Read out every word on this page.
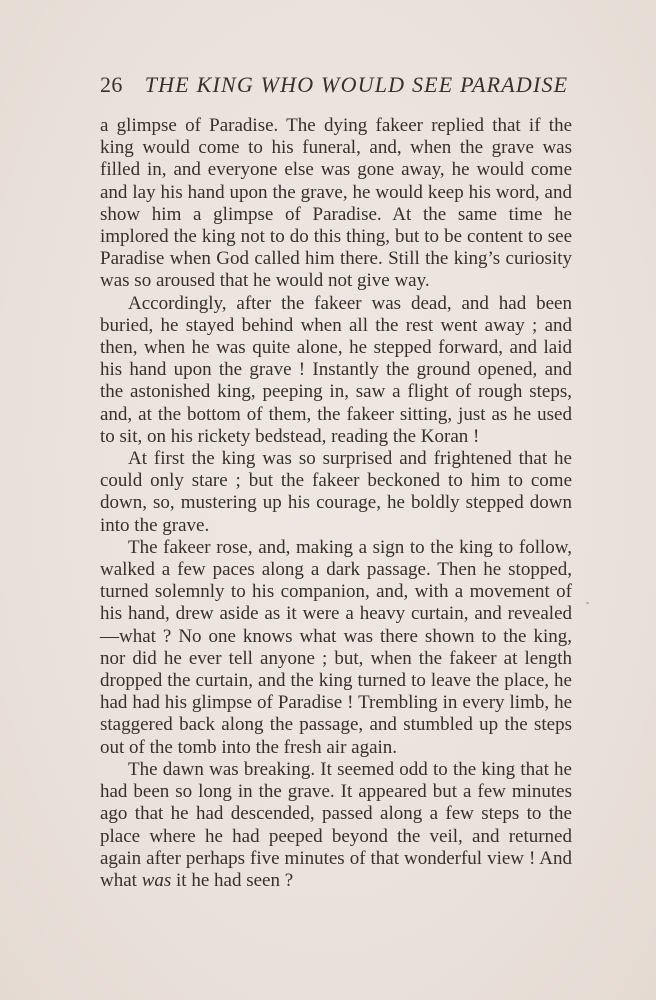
26 THE KING WHO WOULD SEE PARADISE

a glimpse of Paradise. The dying fakeer replied that if the king would come to his funeral, and, when the grave was filled in, and everyone else was gone away, he would come and lay his hand upon the grave, he would keep his word, and show him a glimpse of Paradise. At the same time he implored the king not to do this thing, but to be content to see Paradise when God called him there. Still the king’s curiosity was so aroused that he would not give way.

Accordingly, after the fakeer was dead, and had been buried, he stayed behind when all the rest went away ; and then, when he was quite alone, he stepped forward, and laid his hand upon the grave ! Instantly the ground opened, and the astonished king, peeping in, saw a flight of rough steps, and, at the bottom of them, the fakeer sitting, just as he used to sit, on his rickety bedstead, reading the Koran !

At first the king was so surprised and frightened that he could only stare ; but the fakeer beckoned to him to come down, so, mustering up his courage, he boldly stepped down into the grave.

The fakeer rose, and, making a sign to the king to follow, walked a few paces along a dark passage. Then he stopped, turned solemnly to his companion, and, with a movement of his hand, drew aside as it were a heavy curtain, and revealed—what ? No one knows what was there shown to the king, nor did he ever tell anyone ; but, when the fakeer at length dropped the curtain, and the king turned to leave the place, he had had his glimpse of Paradise ! Trembling in every limb, he staggered back along the passage, and stumbled up the steps out of the tomb into the fresh air again.

The dawn was breaking. It seemed odd to the king that he had been so long in the grave. It appeared but a few minutes ago that he had descended, passed along a few steps to the place where he had peeped beyond the veil, and returned again after perhaps five minutes of that wonderful view ! And what was it he had seen ?
